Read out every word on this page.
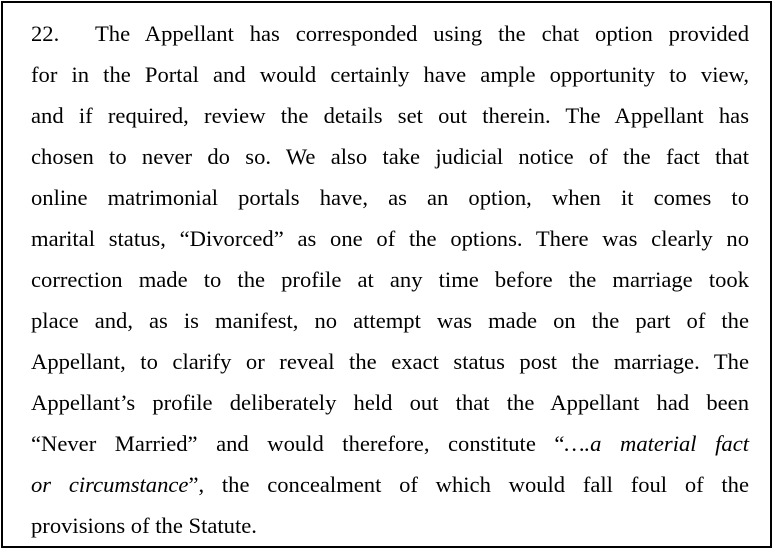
22. The Appellant has corresponded using the chat option provided
for in the Portal and would certainly have ample opportunity to view,
and if required, review the details set out therein. The Appellant has
chosen to never do so. We also take judicial notice of the fact that
online matrimonial portals have, as an option, when it comes to
marital status, “Divorced” as one of the options. There was clearly no
correction made to the profile at any time before the marriage took
place and, as is manifest, no attempt was made on the part of the
Appellant, to clarify or reveal the exact status post the marriage. The
Appellant’s profile deliberately held out that the Appellant had been
“Never Married” and would therefore, constitute “….a material fact
or circumstance”, the concealment of which would fall foul of the
provisions of the Statute.
